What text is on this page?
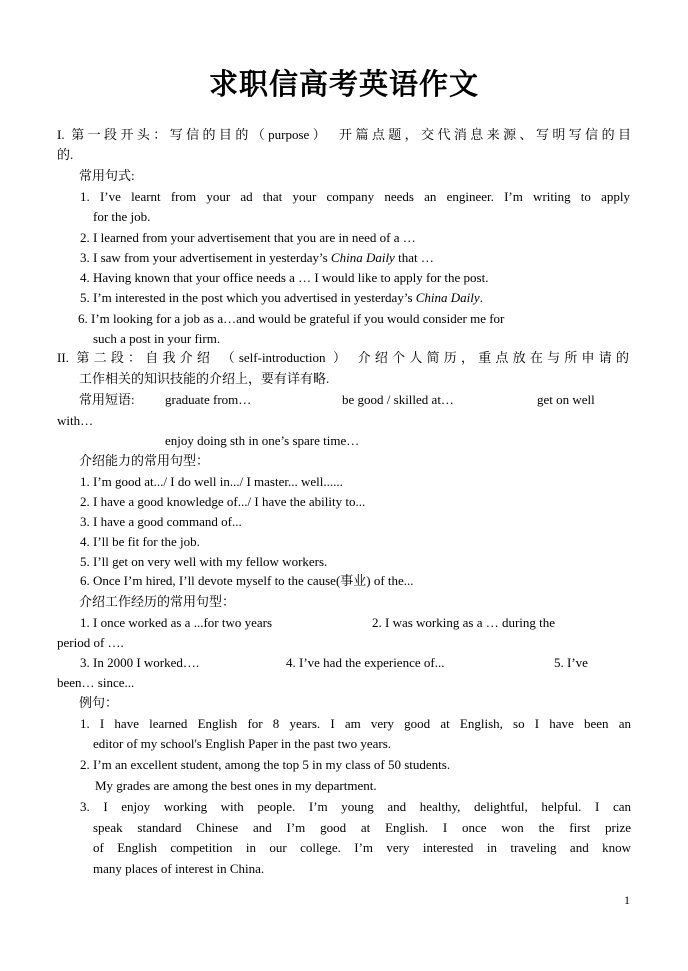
求职信高考英语作文
I. 第一段开头：写信的目的（purpose）　开篇点题，交代消息来源、写明写信的目
的.
常用句式:
1. I’ve learnt from your ad that your company needs an engineer. I’m writing to apply
for the job.
2. I learned from your advertisement that you are in need of a …
3. I saw from your advertisement in yesterday’s China Daily that …
4. Having known that your office needs a … I would like to apply for the post.
5. I’m interested in the post which you advertised in yesterday’s China Daily.
6. I’m looking for a job as a…and would be grateful if you would consider me for
such a post in your firm.
II. 第二段：自我介绍 （self-introduction ） 介绍个人简历，重点放在与所申请的
工作相关的知识技能的介绍上，要有详有略.
常用短语: graduate from…	be good / skilled at…	get on well
with…
enjoy doing sth in one’s spare time…
介绍能力的常用句型：
1. I’m good at.../ I do well in.../ I master... well......
2. I have a good knowledge of.../ I have the ability to...
3. I have a good command of...
4. I’ll be fit for the job.
5. I’ll get on very well with my fellow workers.
6. Once I’m hired, I’ll devote myself to the cause(事业) of the...
介绍工作经历的常用句型：
1. I once worked as a ...for two years	2. I was working as a … during the
period of ….
3. In 2000 I worked….	4. I’ve had the experience of...	5. I’ve
been… since...
例句：
1. I have learned English for 8 years. I am very good at English, so I have been an
editor of my school's English Paper in the past two years.
2. I’m an excellent student, among the top 5 in my class of 50 students.
My grades are among the best ones in my department.
3. I enjoy working with people. I’m young and healthy, delightful, helpful. I can
speak standard Chinese and I’m good at English. I once won the first prize
of English competition in our college. I’m very interested in traveling and know
many places of interest in China.
1
